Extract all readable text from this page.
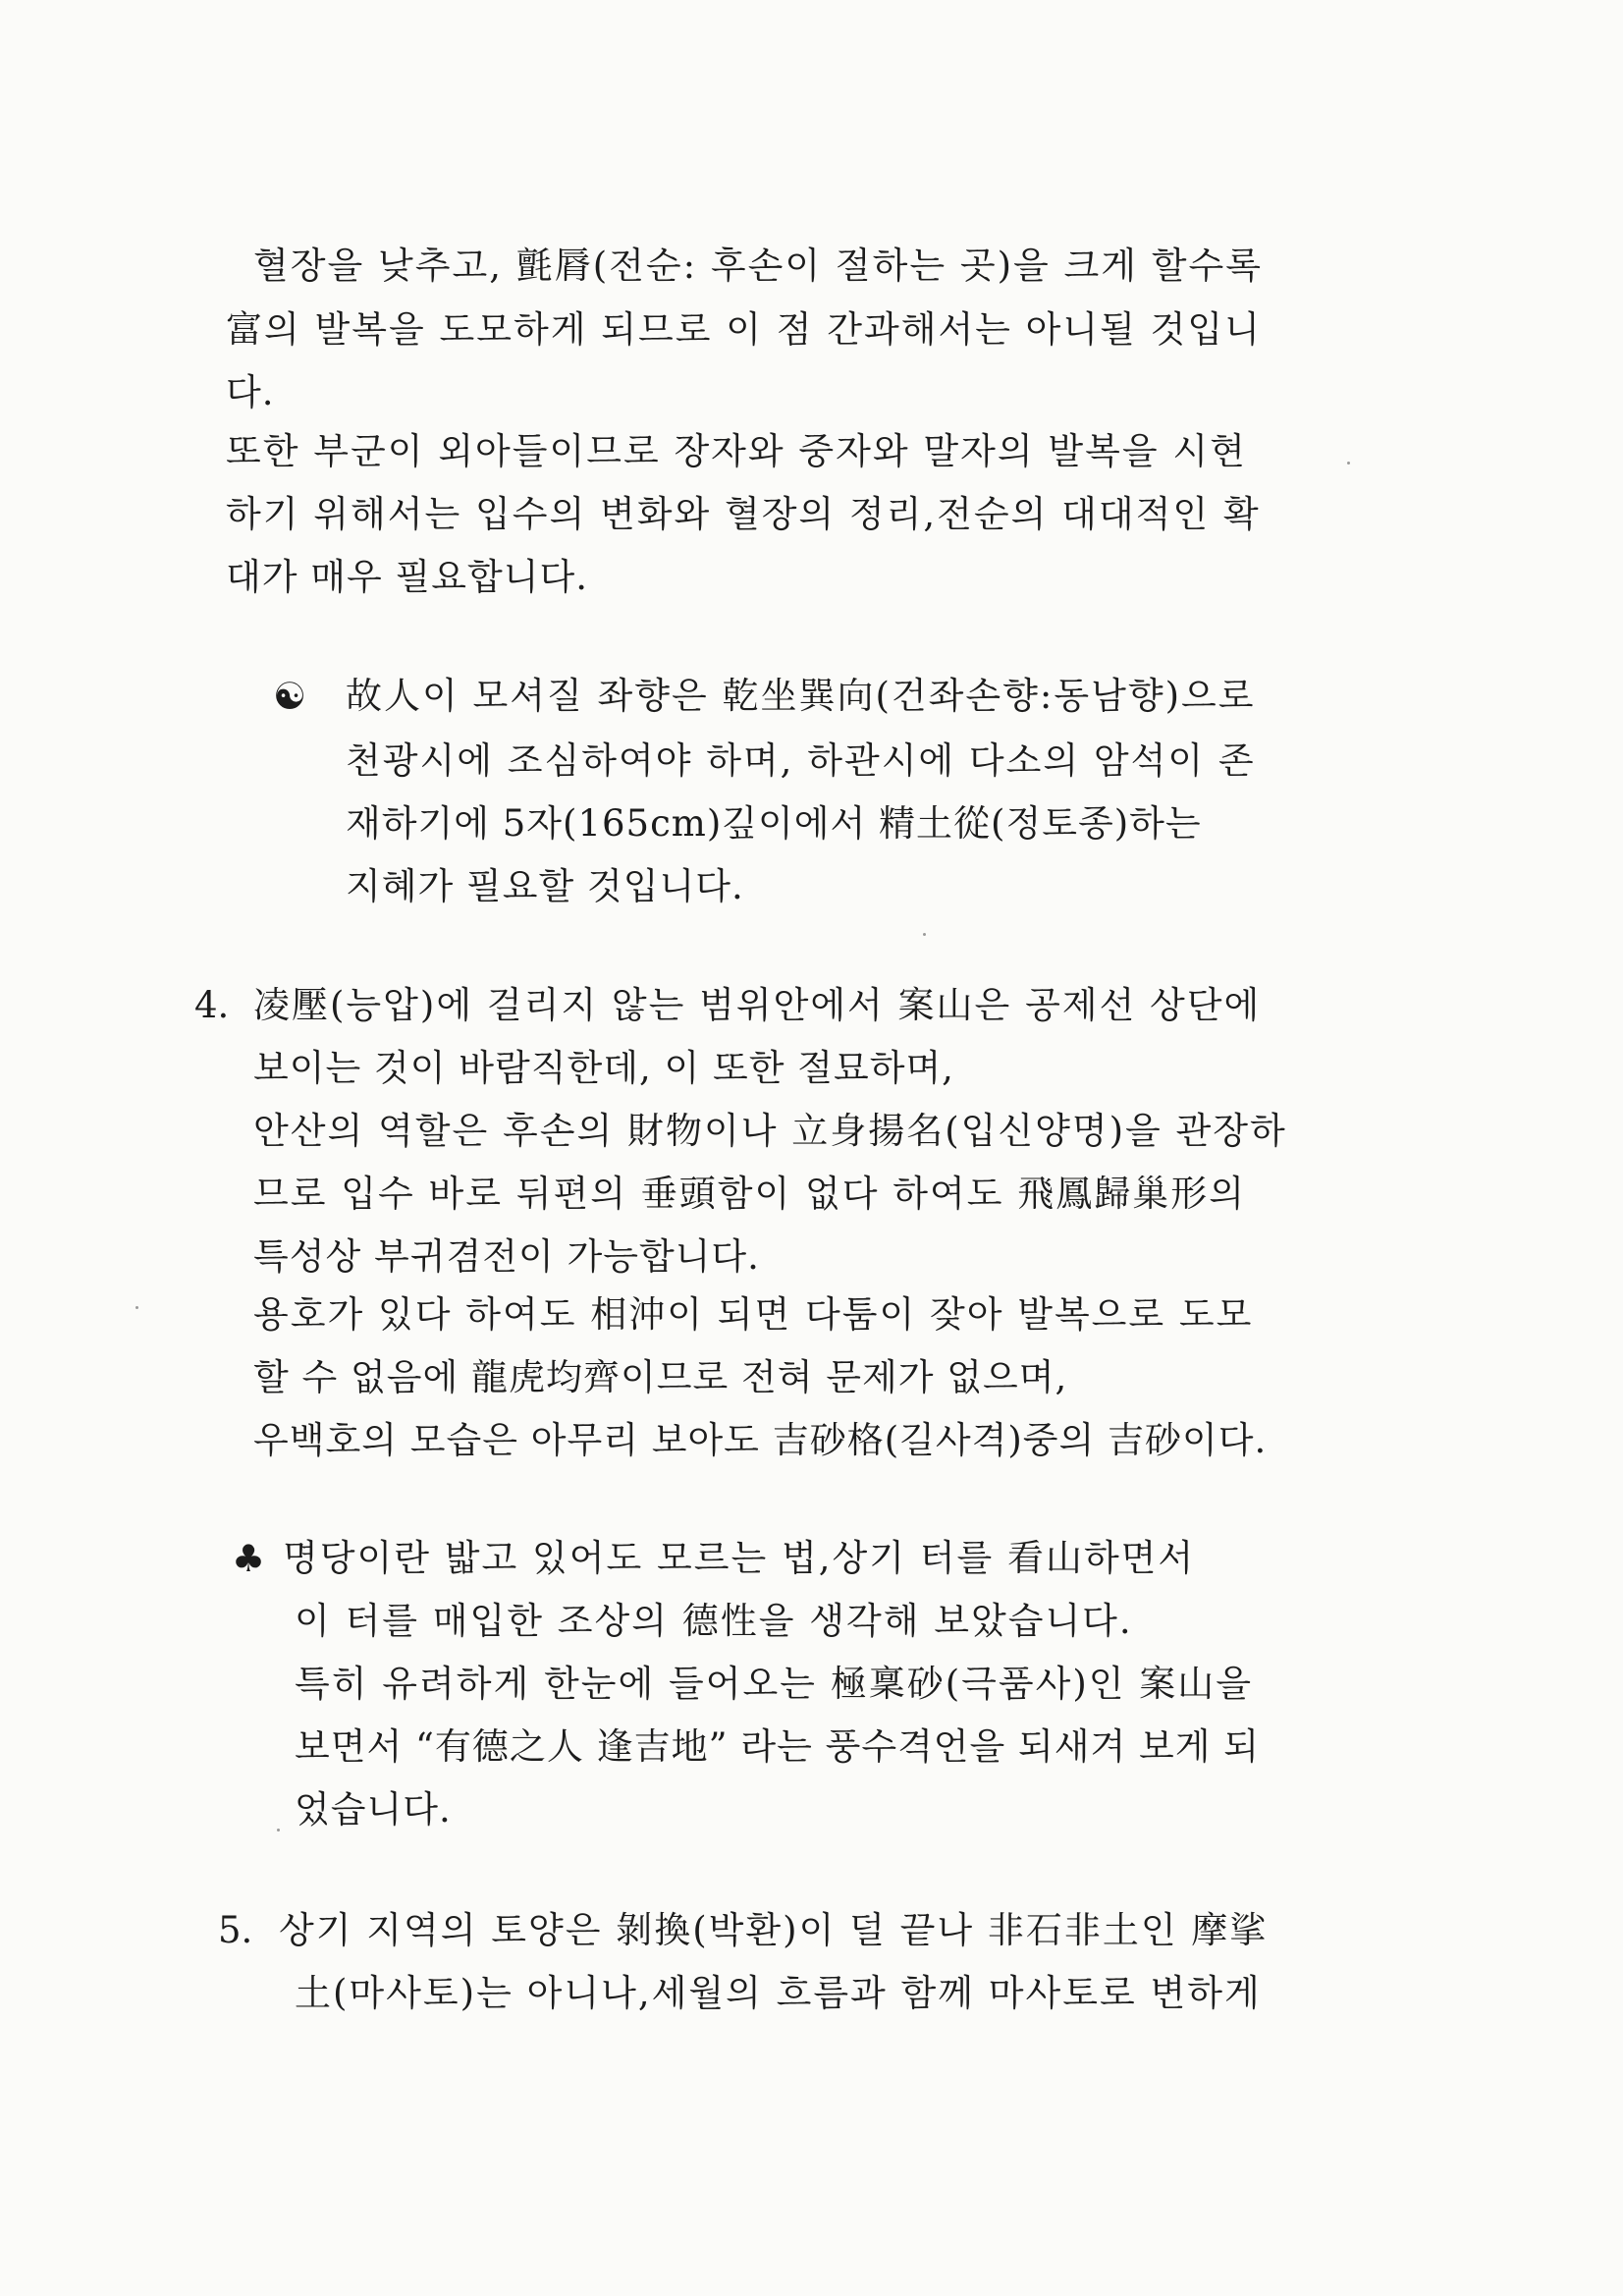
혈장을 낮추고, 氈脣(전순: 후손이 절하는 곳)을 크게 할수록

富의 발복을 도모하게 되므로 이 점 간과해서는 아니될 것입니

다.

또한 부군이 외아들이므로 장자와 중자와 말자의 발복을 시현

하기 위해서는 입수의 변화와 혈장의 정리,전순의 대대적인 확

대가 매우 필요합니다.

☯ 故人이 모셔질 좌향은 乾坐巽向(건좌손향:동남향)으로

천광시에 조심하여야 하며, 하관시에 다소의 암석이 존

재하기에 5자(165cm)깊이에서 精土從(정토종)하는

지혜가 필요할 것입니다.

4. 凌壓(능압)에 걸리지 않는 범위안에서 案山은 공제선 상단에

보이는 것이 바람직한데, 이 또한 절묘하며,

안산의 역할은 후손의 財物이나 立身揚名(입신양명)을 관장하

므로 입수 바로 뒤편의 垂頭함이 없다 하여도 飛鳳歸巢形의

특성상 부귀겸전이 가능합니다.

용호가 있다 하여도 相沖이 되면 다툼이 잦아 발복으로 도모

할 수 없음에 龍虎均齊이므로 전혀 문제가 없으며,

우백호의 모습은 아무리 보아도 吉砂格(길사격)중의 吉砂이다.

♣ 명당이란 밟고 있어도 모르는 법,상기 터를 看山하면서

이 터를 매입한 조상의 德性을 생각해 보았습니다.

특히 유려하게 한눈에 들어오는 極稟砂(극품사)인 案山을

보면서 “有德之人 逢吉地” 라는 풍수격언을 되새겨 보게 되

었습니다.

5. 상기 지역의 토양은 剝換(박환)이 덜 끝나 非石非土인 摩挲

土(마사토)는 아니나,세월의 흐름과 함께 마사토로 변하게
